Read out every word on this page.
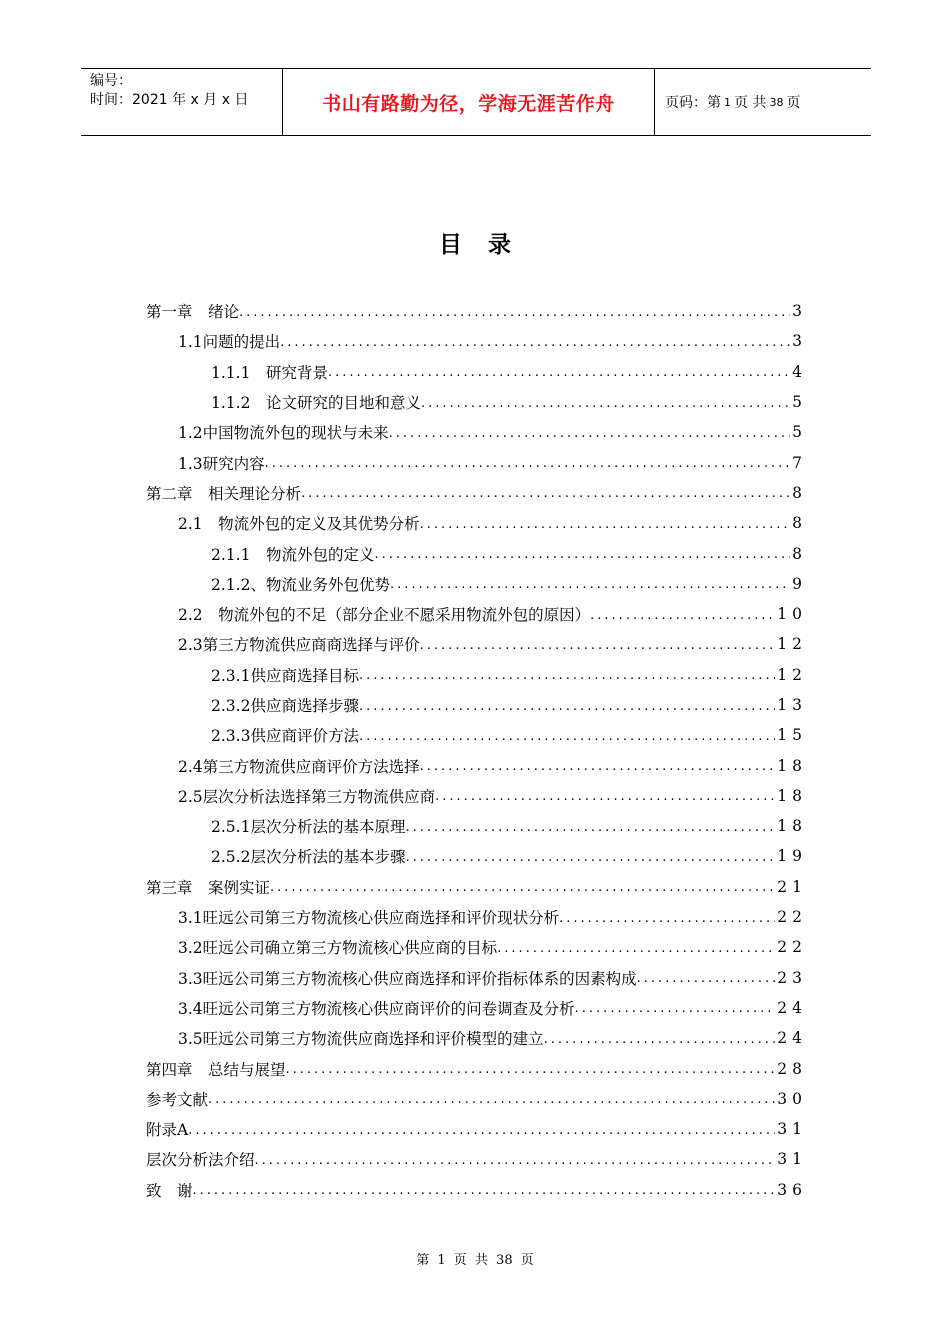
编号：
时间：2021 年 x 月 x 日	书山有路勤为径，学海无涯苦作舟	页码：第 1 页 共 38 页
目录
第一章　绪论 .....	3
1.1问题的提出 .....	3
1.1.1　研究背景 .....	4
1.1.2　论文研究的目地和意义 .....	5
1.2中国物流外包的现状与未来 .....	5
1.3研究内容 .....	7
第二章　相关理论分析 .....	8
2.1　物流外包的定义及其优势分析 .....	8
2.1.1　物流外包的定义 .....	8
2.1.2、物流业务外包优势 .....	9
2.2　物流外包的不足（部分企业不愿采用物流外包的原因） .....	10
2.3第三方物流供应商商选择与评价 .....	12
2.3.1供应商选择目标 .....	12
2.3.2供应商选择步骤 .....	13
2.3.3供应商评价方法 .....	15
2.4第三方物流供应商评价方法选择 .....	18
2.5层次分析法选择第三方物流供应商 .....	18
2.5.1层次分析法的基本原理 .....	18
2.5.2层次分析法的基本步骤 .....	19
第三章　案例实证 .....	21
3.1旺远公司第三方物流核心供应商选择和评价现状分析 .....	22
3.2旺远公司确立第三方物流核心供应商的目标 .....	22
3.3旺远公司第三方物流核心供应商选择和评价指标体系的因素构成 .....	23
3.4旺远公司第三方物流核心供应商评价的问卷调查及分析 .....	24
3.5旺远公司第三方物流供应商选择和评价模型的建立 .....	24
第四章　总结与展望 .....	28
参考文献 .....	30
附录A .....	31
层次分析法介绍 .....	31
致　谢 .....	36
第 1 页 共 38 页
